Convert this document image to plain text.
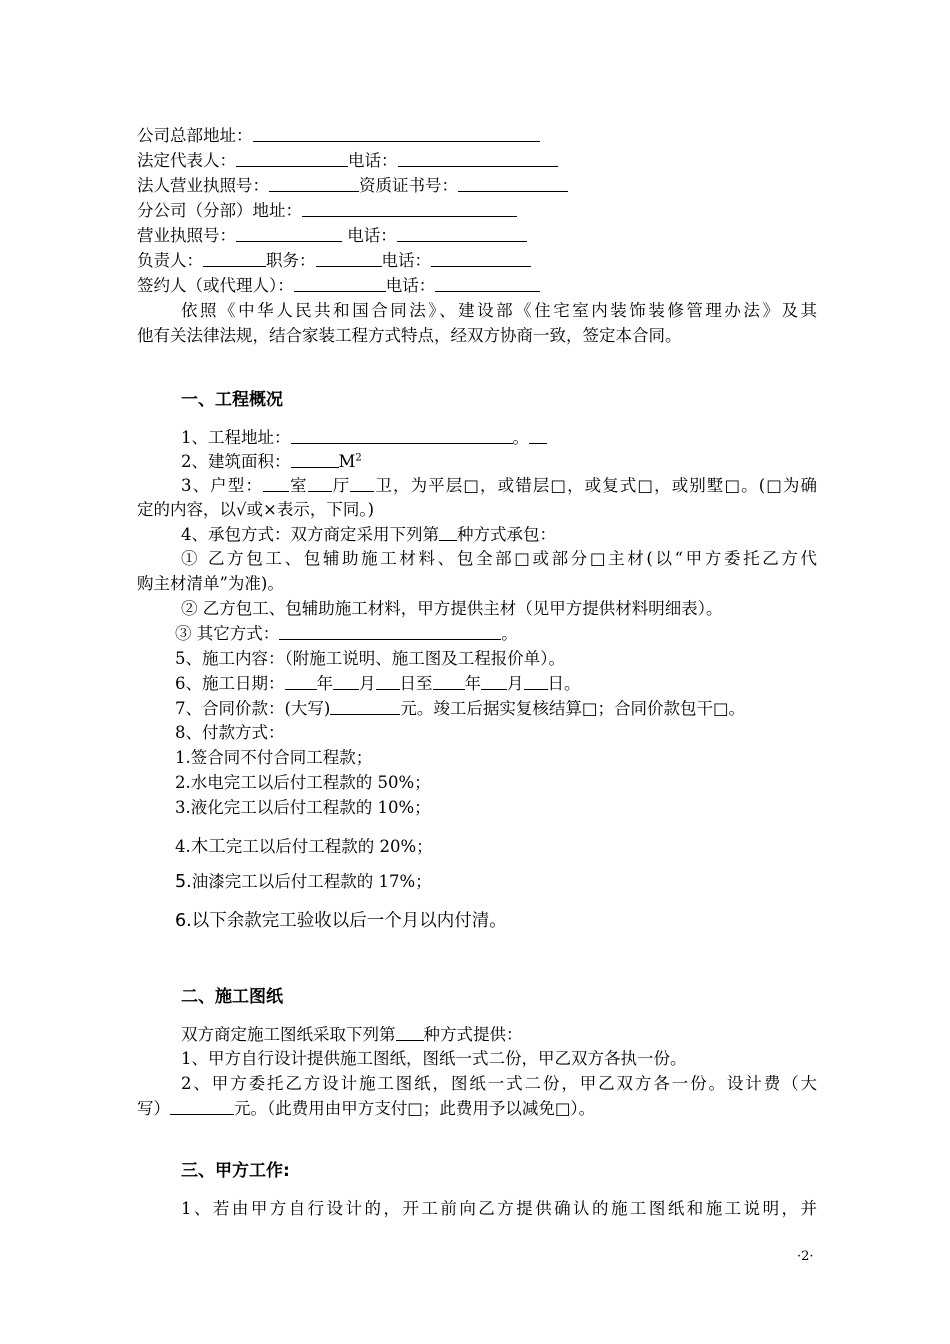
公司总部地址：
法定代表人：	电话：
法人营业执照号：	资质证书号：
分公司（分部）地址：
营业执照号：	电话：
负责人：	职务：	电话：
签约人（或代理人）：	电话：
依照《中华人民共和国合同法》、建设部《住宅室内装饰装修管理办法》及其
他有关法律法规，结合家装工程方式特点，经双方协商一致，签定本合同。
一、工程概况
1、工程地址：	。
2、建筑面积：	$M^2$
3、户型： 室 厅 卫，为平层□，或错层□，或复式□，或别墅□。(□为确
定的内容，以√或×表示，下同。)
4、承包方式：双方商定采用下列第 种方式承包：
① 乙方包工、包辅助施工材料、包全部□或部分□主材(以“甲方委托乙方代
购主材清单”为准)。
② 乙方包工、包辅助施工材料，甲方提供主材（见甲方提供材料明细表）。
③ 其它方式：	。
5、施工内容：（附施工说明、施工图及工程报价单）。
6、施工日期： 年 月 日至 年 月 日。
7、合同价款：(大写)	元。竣工后据实复核结算□；合同价款包干□。
8、付款方式：
1.签合同不付合同工程款；
2.水电完工以后付工程款的 50%；
3.液化完工以后付工程款的 10%；
4.木工完工以后付工程款的 20%；
5.油漆完工以后付工程款的 17%；
6.以下余款完工验收以后一个月以内付清。
二、施工图纸
双方商定施工图纸采取下列第 种方式提供：
1、甲方自行设计提供施工图纸，图纸一式二份，甲乙双方各执一份。
2、甲方委托乙方设计施工图纸，图纸一式二份，甲乙双方各一份。设计费（大
写）	元。（此费用由甲方支付□；此费用予以减免□）。
三、甲方工作:
1、若由甲方自行设计的，开工前向乙方提供确认的施工图纸和施工说明，并
·2·
